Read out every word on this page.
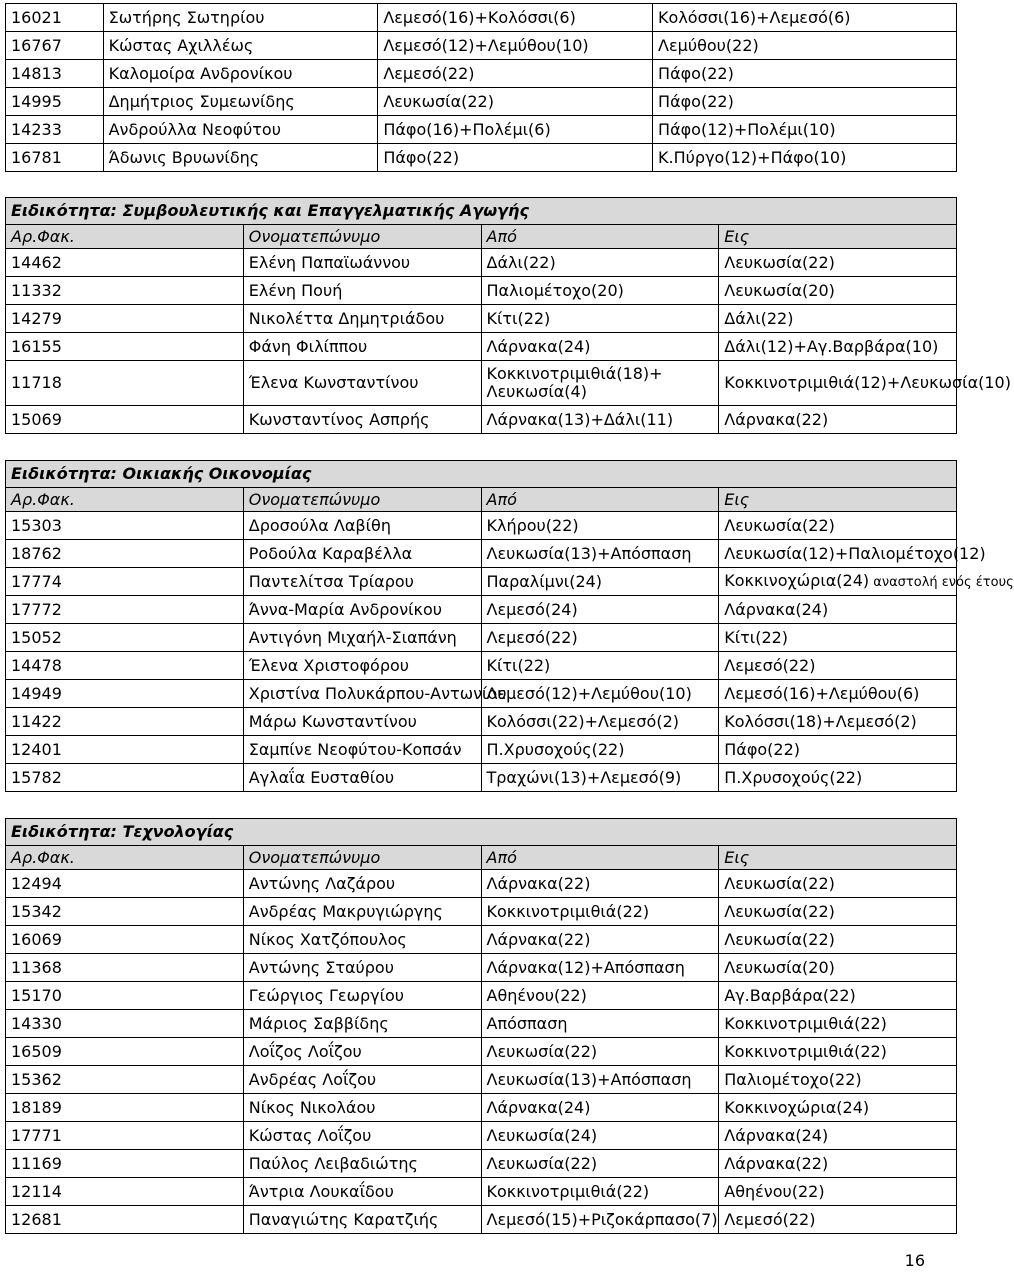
16021	Σωτήρης Σωτηρίου	Λεμεσό(16)+Κολόσσι(6)	Κολόσσι(16)+Λεμεσό(6)
16767	Κώστας Αχιλλέως	Λεμεσό(12)+Λεμύθου(10)	Λεμύθου(22)
14813	Καλομοίρα Ανδρονίκου	Λεμεσό(22)	Πάφο(22)
14995	Δημήτριος Συμεωνίδης	Λευκωσία(22)	Πάφο(22)
14233	Ανδρούλλα Νεοφύτου	Πάφο(16)+Πολέμι(6)	Πάφο(12)+Πολέμι(10)
16781	Άδωνις Βρυωνίδης	Πάφο(22)	Κ.Πύργο(12)+Πάφο(10)
Ειδικότητα: Συμβουλευτικής και Επαγγελματικής Αγωγής			
Αρ.Φακ.	Ονοματεπώνυμο	Από	Εις
14462	Ελένη Παπαϊωάννου	Δάλι(22)	Λευκωσία(22)
11332	Ελένη Πουή	Παλιομέτοχο(20)	Λευκωσία(20)
14279	Νικολέττα Δημητριάδου	Κίτι(22)	Δάλι(22)
16155	Φάνη Φιλίππου	Λάρνακα(24)	Δάλι(12)+Αγ.Βαρβάρα(10)
11718	Έλενα Κωνσταντίνου	Κοκκινοτριμιθιά(18)+ Λευκωσία(4)	Κοκκινοτριμιθιά(12)+Λευκωσία(10)
15069	Κωνσταντίνος Ασπρής	Λάρνακα(13)+Δάλι(11)	Λάρνακα(22)
Ειδικότητα: Οικιακής Οικονομίας			
Αρ.Φακ.	Ονοματεπώνυμο	Από	Εις
15303	Δροσούλα Λαβίθη	Κλήρου(22)	Λευκωσία(22)
18762	Ροδούλα Καραβέλλα	Λευκωσία(13)+Απόσπαση	Λευκωσία(12)+Παλιομέτοχο(12)
17774	Παντελίτσα Τρίαρου	Παραλίμνι(24)	Κοκκινοχώρια(24) αναστολή ενός έτους
17772	Άννα-Μαρία Ανδρονίκου	Λεμεσό(24)	Λάρνακα(24)
15052	Αντιγόνη Μιχαήλ-Σιαπάνη	Λεμεσό(22)	Κίτι(22)
14478	Έλενα Χριστοφόρου	Κίτι(22)	Λεμεσό(22)
14949	Χριστίνα Πολυκάρπου-Αντωνίου	Λεμεσό(12)+Λεμύθου(10)	Λεμεσό(16)+Λεμύθου(6)
11422	Μάρω Κωνσταντίνου	Κολόσσι(22)+Λεμεσό(2)	Κολόσσι(18)+Λεμεσό(2)
12401	Σαμπίνε Νεοφύτου-Κοπσάν	Π.Χρυσοχούς(22)	Πάφο(22)
15782	Αγλαΐα Ευσταθίου	Τραχώνι(13)+Λεμεσό(9)	Π.Χρυσοχούς(22)
Ειδικότητα: Τεχνολογίας			
Αρ.Φακ.	Ονοματεπώνυμο	Από	Εις
12494	Αντώνης Λαζάρου	Λάρνακα(22)	Λευκωσία(22)
15342	Ανδρέας Μακρυγιώργης	Κοκκινοτριμιθιά(22)	Λευκωσία(22)
16069	Νίκος Χατζόπουλος	Λάρνακα(22)	Λευκωσία(22)
11368	Αντώνης Σταύρου	Λάρνακα(12)+Απόσπαση	Λευκωσία(20)
15170	Γεώργιος Γεωργίου	Αθηένου(22)	Αγ.Βαρβάρα(22)
14330	Μάριος Σαββίδης	Απόσπαση	Κοκκινοτριμιθιά(22)
16509	Λοΐζος Λοΐζου	Λευκωσία(22)	Κοκκινοτριμιθιά(22)
15362	Ανδρέας Λοΐζου	Λευκωσία(13)+Απόσπαση	Παλιομέτοχο(22)
18189	Νίκος Νικολάου	Λάρνακα(24)	Κοκκινοχώρια(24)
17771	Κώστας Λοΐζου	Λευκωσία(24)	Λάρνακα(24)
11169	Παύλος Λειβαδιώτης	Λευκωσία(22)	Λάρνακα(22)
12114	Άντρια Λουκαΐδου	Κοκκινοτριμιθιά(22)	Αθηένου(22)
12681	Παναγιώτης Καρατζιής	Λεμεσό(15)+Ριζοκάρπασο(7)	Λεμεσό(22)
16
